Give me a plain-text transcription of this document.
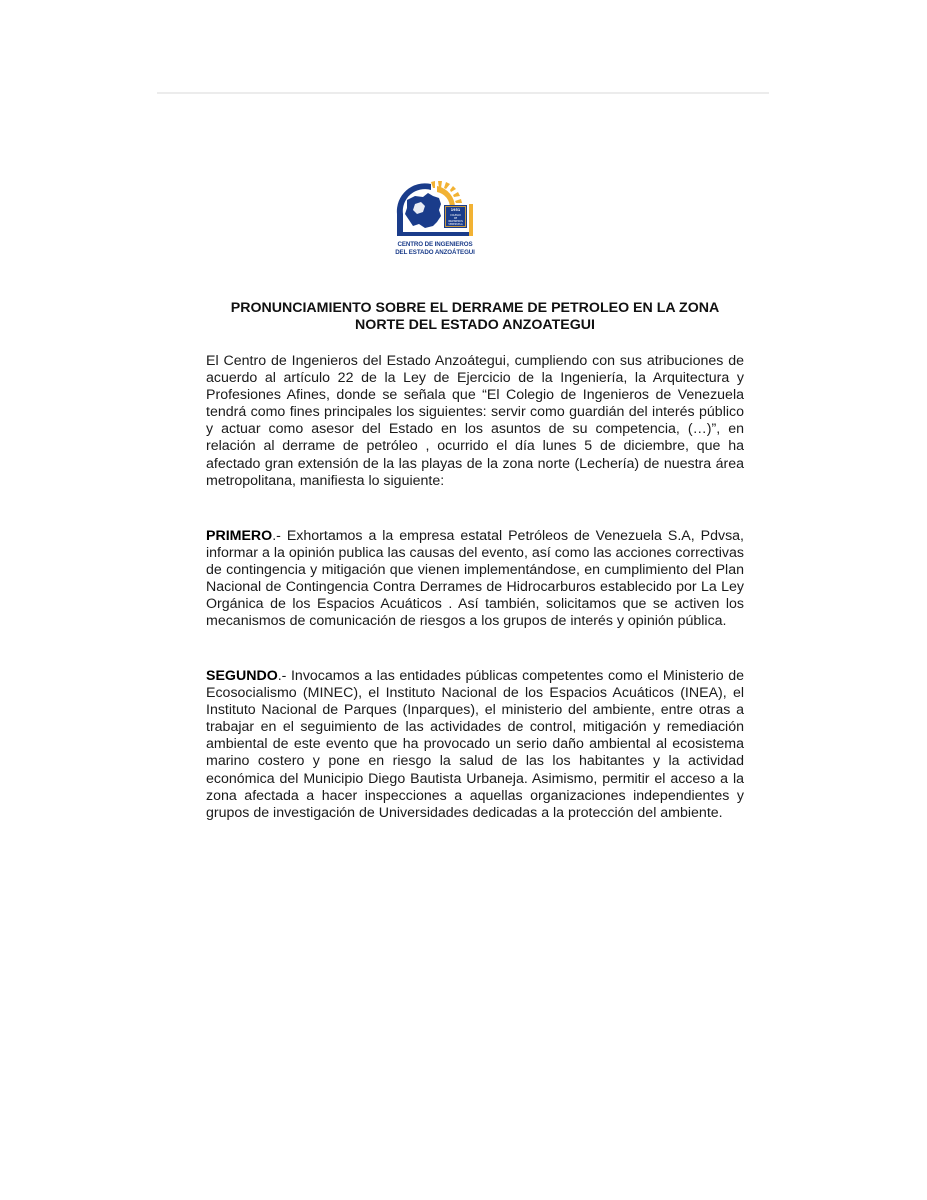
1951
COLEGIO
DE
INGENIEROS
VENEZUELA
CENTRO DE INGENIEROS
DEL ESTADO ANZOÁTEGUI
PRONUNCIAMIENTO SOBRE EL DERRAME DE PETROLEO EN LA ZONA
NORTE DEL ESTADO ANZOATEGUI
El Centro de Ingenieros del Estado Anzoátegui, cumpliendo con sus atribuciones de acuerdo al artículo 22 de la Ley de Ejercicio de la Ingeniería, la Arquitectura y Profesiones Afines, donde se señala que “El Colegio de Ingenieros de Venezuela tendrá como fines principales los siguientes: servir como guardián del interés público y actuar como asesor del Estado en los asuntos de su competencia, (…)”, en relación al derrame de petróleo , ocurrido el día lunes 5 de diciembre, que ha afectado gran extensión de la las playas de la zona norte (Lechería) de nuestra área metropolitana, manifiesta lo siguiente:
PRIMERO.- Exhortamos a la empresa estatal Petróleos de Venezuela S.A, Pdvsa, informar a la opinión publica las causas del evento, así como las acciones correctivas de contingencia y mitigación que vienen implementándose, en cumplimiento del Plan Nacional de Contingencia Contra Derrames de Hidrocarburos establecido por La Ley Orgánica de los Espacios Acuáticos . Así también, solicitamos que se activen los mecanismos de comunicación de riesgos a los grupos de interés y opinión pública.
SEGUNDO.- Invocamos a las entidades públicas competentes como el Ministerio de Ecosocialismo (MINEC), el Instituto Nacional de los Espacios Acuáticos (INEA), el Instituto Nacional de Parques (Inparques), el ministerio del ambiente, entre otras a trabajar en el seguimiento de las actividades de control, mitigación y remediación ambiental de este evento que ha provocado un serio daño ambiental al ecosistema marino costero y pone en riesgo la salud de las los habitantes y la actividad económica del Municipio Diego Bautista Urbaneja. Asimismo, permitir el acceso a la zona afectada a hacer inspecciones a aquellas organizaciones independientes y grupos de investigación de Universidades dedicadas a la protección del ambiente.
